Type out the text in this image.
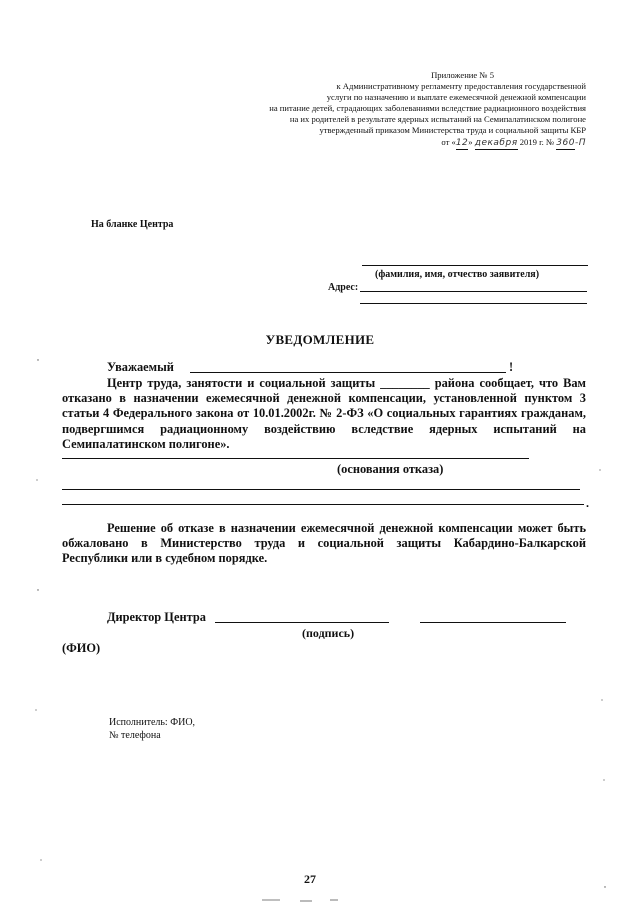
Приложение № 5
к Административному регламенту предоставления государственной
услуги по назначению и выплате ежемесячной денежной компенсации
на питание детей, страдающих заболеваниями вследствие радиационного воздействия
на их родителей в результате ядерных испытаний на Семипалатинском полигоне
утвержденный приказом Министерства труда и социальной защиты КБР
от «12» декабря 2019 г. № 360-П
На бланке Центра
(фамилия, имя, отчество заявителя)
Адрес:
УВЕДОМЛЕНИЕ
Уважаемый	!

Центр труда, занятости и социальной защиты ________ района сообщает, что Вам отказано в назначении ежемесячной денежной компенсации, установленной пунктом 3 статьи 4 Федерального закона от 10.01.2002г. № 2-ФЗ «О социальных гарантиях гражданам, подвергшимся радиационному воздействию вследствие ядерных испытаний на Семипалатинском полигоне».

(основания отказа)
.

Решение об отказе в назначении ежемесячной денежной компенсации может быть обжаловано в Министерство труда и социальной защиты Кабардино-Балкарской Республики или в судебном порядке.

Директор Центра
(подпись)
(ФИО)
Исполнитель: ФИО,
№ телефона
27
